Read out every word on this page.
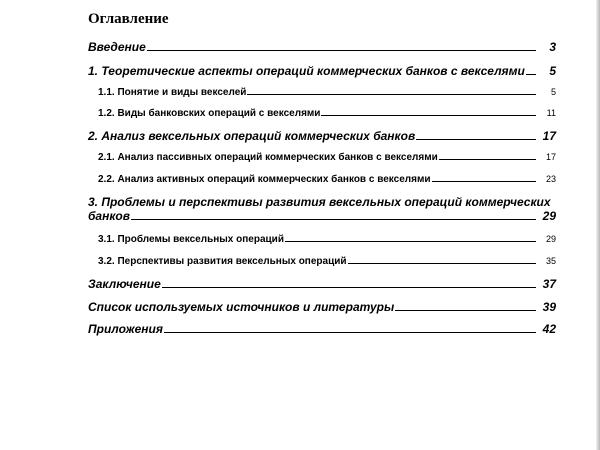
Оглавление
Введение	3
1. Теоретические аспекты операций коммерческих банков с векселями	5
1.1. Понятие и виды векселей	5
1.2. Виды банковских операций с векселями	11
2. Анализ вексельных операций коммерческих банков	17
2.1. Анализ пассивных операций коммерческих банков с векселями	17
2.2. Анализ активных операций коммерческих банков с векселями	23
3. Проблемы и перспективы развития вексельных операций коммерческих
банков	29
3.1. Проблемы вексельных операций	29
3.2. Перспективы развития вексельных операций	35
Заключение	37
Список используемых источников и литературы	39
Приложения	42
